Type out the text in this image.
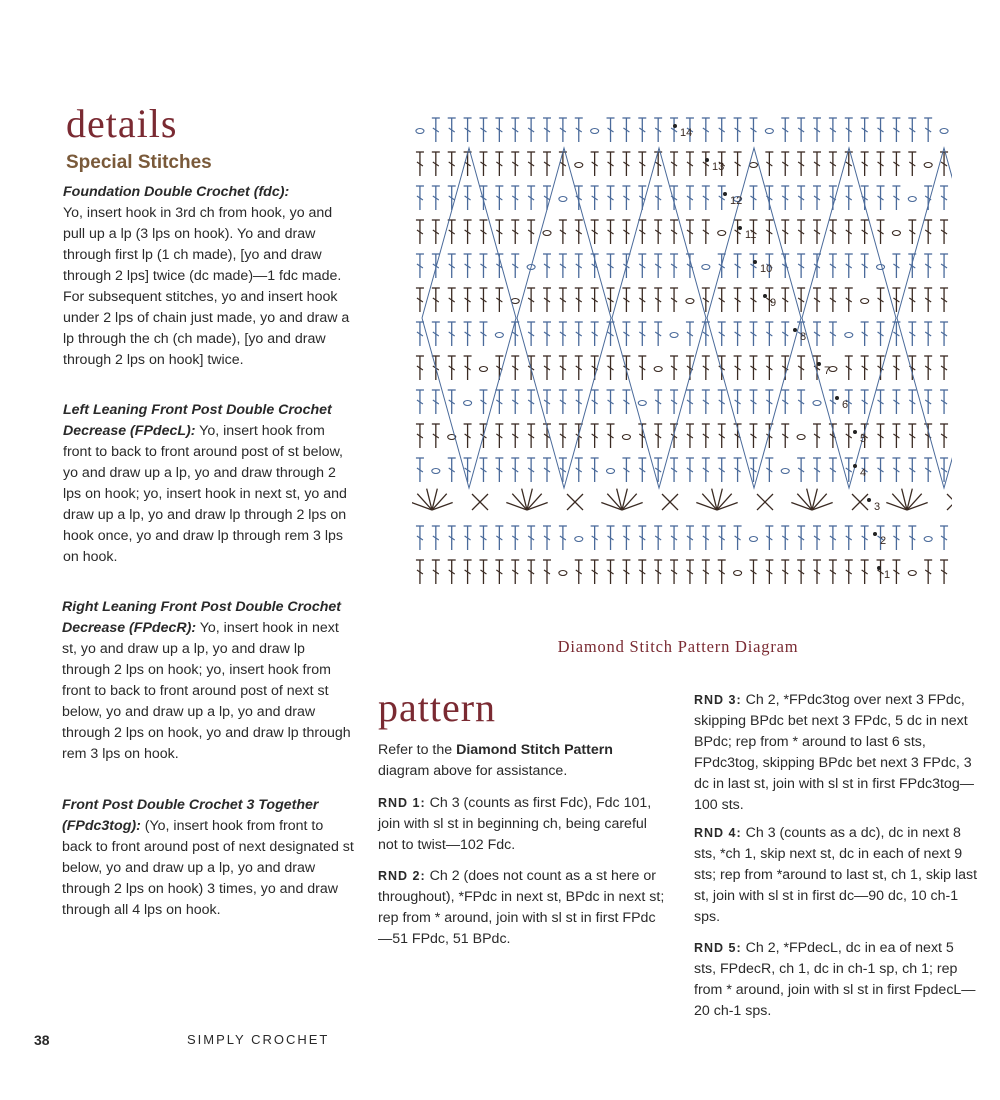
details
Special Stitches

Foundation Double Crochet (fdc):
Yo, insert hook in 3rd ch from hook, yo and pull up a lp (3 lps on hook). Yo and draw through first lp (1 ch made), [yo and draw through 2 lps] twice (dc made)—1 fdc made. For subsequent stitches, yo and insert hook under 2 lps of chain just made, yo and draw a lp through the ch (ch made), [yo and draw through 2 lps on hook] twice.

Left Leaning Front Post Double Crochet Decrease (FPdecL): Yo, insert hook from front to back to front around post of st below, yo and draw up a lp, yo and draw through 2 lps on hook; yo, insert hook in next st, yo and draw up a lp, yo and draw lp through 2 lps on hook once, yo and draw lp through rem 3 lps on hook.

Right Leaning Front Post Double Crochet Decrease (FPdecR): Yo, insert hook in next st, yo and draw up a lp, yo and draw lp through 2 lps on hook; yo, insert hook from front to back to front around post of next st below, yo and draw up a lp, yo and draw through 2 lps on hook, yo and draw lp through rem 3 lps on hook.

Front Post Double Crochet 3 Together (FPdc3tog): (Yo, insert hook from front to back to front around post of next designated st below, yo and draw up a lp, yo and draw through 2 lps on hook) 3 times, yo and draw through all 4 lps on hook.

14
13
12
11
10
9
8
7
6
5
4
3
2
1

Diamond Stitch Pattern Diagram

pattern

Refer to the Diamond Stitch Pattern diagram above for assistance.

RND 1: Ch 3 (counts as first Fdc), Fdc 101, join with sl st in beginning ch, being careful not to twist—102 Fdc.

RND 2: Ch 2 (does not count as a st here or throughout), *FPdc in next st, BPdc in next st; rep from * around, join with sl st in first FPdc—51 FPdc, 51 BPdc.

RND 3: Ch 2, *FPdc3tog over next 3 FPdc, skipping BPdc bet next 3 FPdc, 5 dc in next BPdc; rep from * around to last 6 sts, FPdc3tog, skipping BPdc bet next 3 FPdc, 3 dc in last st, join with sl st in first FPdc3tog—100 sts.

RND 4: Ch 3 (counts as a dc), dc in next 8 sts, *ch 1, skip next st, dc in each of next 9 sts; rep from *around to last st, ch 1, skip last st, join with sl st in first dc—90 dc, 10 ch-1 sps.

RND 5: Ch 2, *FPdecL, dc in ea of next 5 sts, FPdecR, ch 1, dc in ch-1 sp, ch 1; rep from * around, join with sl st in first FpdecL—20 ch-1 sps.

38	SIMPLY CROCHET
